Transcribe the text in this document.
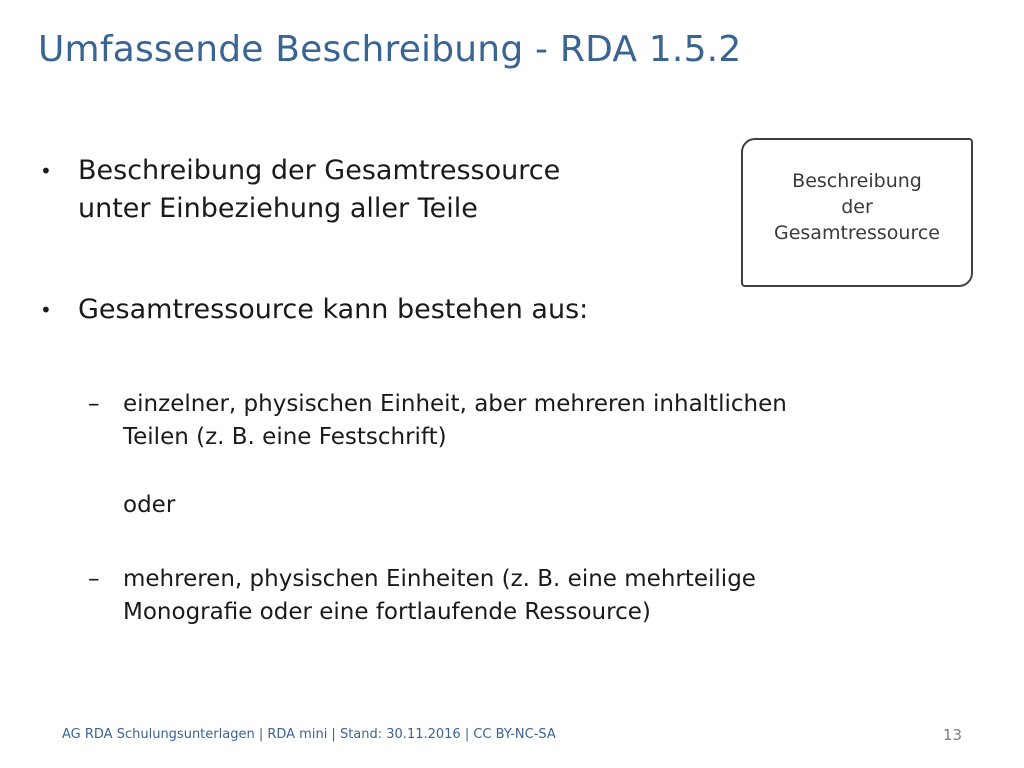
Umfassende Beschreibung - RDA 1.5.2
• Beschreibung der Gesamtressource
unter Einbeziehung aller Teile
• Gesamtressource kann bestehen aus:
– einzelner, physischen Einheit, aber mehreren inhaltlichen
Teilen (z. B. eine Festschrift)
oder
– mehreren, physischen Einheiten (z. B. eine mehrteilige
Monografie oder eine fortlaufende Ressource)
Beschreibung
der
Gesamtressource
AG RDA Schulungsunterlagen | RDA mini | Stand: 30.11.2016 | CC BY-NC-SA	13
